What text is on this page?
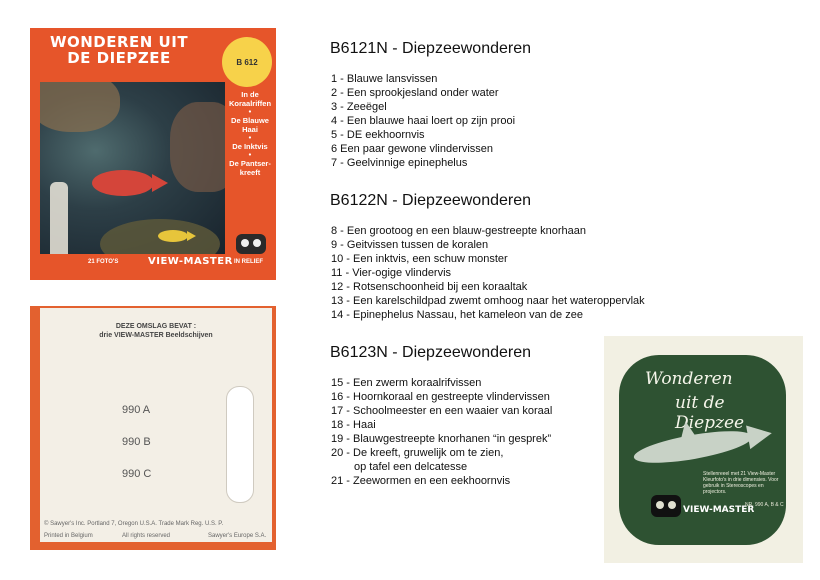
WONDEREN UIT
DE DIEPZEE	B 612
In de Koraalriffen
•
De Blauwe Haai
•
De Inktvis
•
De Pantser-kreeft
21 FOTO'S	VIEW-MASTER IN RELIEF
DEZE OMSLAG BEVAT :
drie VIEW-MASTER Beeldschijven
990 A
990 B
990 C
© Sawyer's Inc. Portland 7, Oregon U.S.A. Trade Mark Reg. U.S. P.
Printed in Belgium	All rights reserved	Sawyer's Europe S.A.
B6121N - Diepzeewonderen
1 - Blauwe lansvissen
2 - Een sprookjesland onder water
3 - Zeeëgel
4 - Een blauwe haai loert op zijn prooi
5 - DE eekhoornvis
6 Een paar gewone vlindervissen
7 - Geelvinnige epinephelus
B6122N - Diepzeewonderen
8 - Een grootoog en een blauw-gestreepte knorhaan
9 - Geitvissen tussen de koralen
10 - Een inktvis, een schuw monster
11 - Vier-ogige vlindervis
12 - Rotsenschoonheid bij een koraaltak
13 - Een karelschildpad zwemt omhoog naar het wateroppervlak
14 - Epinephelus Nassau, het kameleon van de zee
B6123N - Diepzeewonderen
15 - Een zwerm koraalrifvissen
16 - Hoornkoraal en gestreepte vlindervissen
17 - Schoolmeester en een waaier van koraal
18 - Haai
19 - Blauwgestreepte knorhanen “in gesprek”
20 - De kreeft, gruwelijk om te zien,
op tafel een delcatesse
21 - Zeewormen en een eekhoornvis
Wonderen
uit de Diepzee
Stellenreeel met 21 View-Master Kleurfoto's in drie dimensies. Voor gebruik in Stereoscopes en projectors.
VIEW-MASTER
NR. 990 A, B & C
